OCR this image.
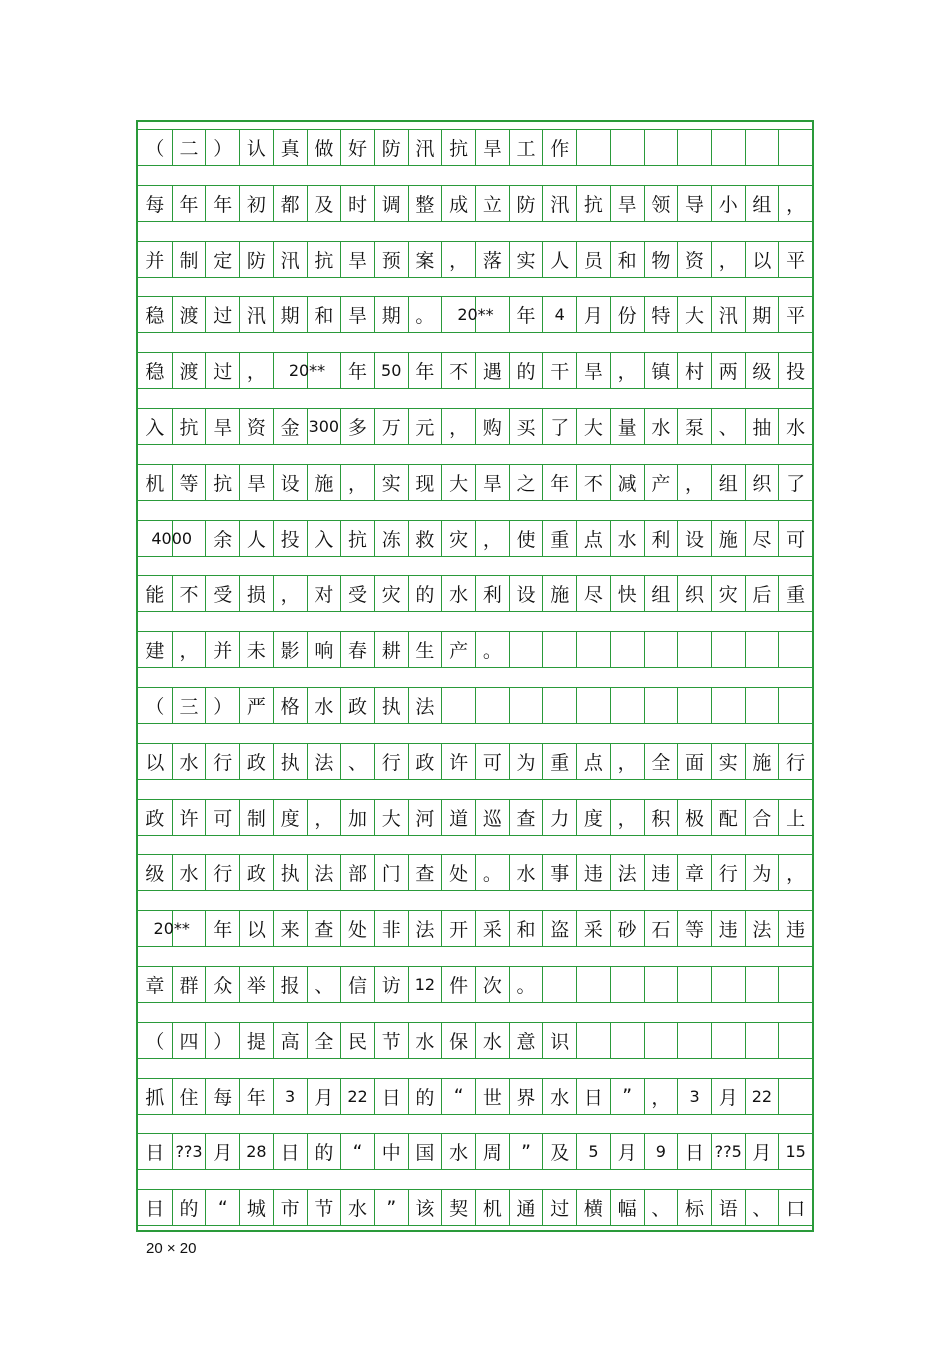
（ 二 ） 认 真 做 好 防 汛 抗 旱 工 作
每 年 年 初 都 及 时 调 整 成 立 防 汛 抗 旱 领 导 小 组 ，
并 制 定 防 汛 抗 旱 预 案 ， 落 实 人 员 和 物 资 ， 以 平
稳 渡 过 汛 期 和 旱 期 。	20**	年	4	月 份 特 大 汛 期 平
稳 渡 过 ，	20**	年 50 年 不 遇 的 干 旱 ， 镇 村 两 级 投
入 抗 旱 资 金 300 多 万 元 ， 购 买 了 大 量 水 泵 、 抽 水
机 等 抗 旱 设 施 ， 实 现 大 旱 之 年 不 减 产 ， 组 织 了
4000	余 人 投 入 抗 冻 救 灾 ， 使 重 点 水 利 设 施 尽 可
能 不 受 损 ， 对 受 灾 的 水 利 设 施 尽 快 组 织 灾 后 重
建 ， 并 未 影 响 春 耕 生 产 。
（ 三 ） 严 格 水 政 执 法
以 水 行 政 执 法 、 行 政 许 可 为 重 点 ， 全 面 实 施 行
政 许 可 制 度 ， 加 大 河 道 巡 查 力 度 ， 积 极 配 合 上
级 水 行 政 执 法 部 门 查 处 。 水 事 违 法 违 章 行 为 ，
20**	年 以 来 查 处 非 法 开 采 和 盗 采 砂 石 等 违 法 违
章 群 众 举 报 、 信 访 12 件 次 。
（ 四 ） 提 高 全 民 节 水 保 水 意 识
抓 住 每 年	3	月 22 日 的	“	世 界 水 日	”	，	3	月 22
日 ??3 月 28 日 的	“	中 国 水 周	”	及	5	月	9	日 ??5 月 15
日 的	“	城 市 节 水	”	该 契 机 通 过 横 幅 、 标 语 、 口
20 × 20
